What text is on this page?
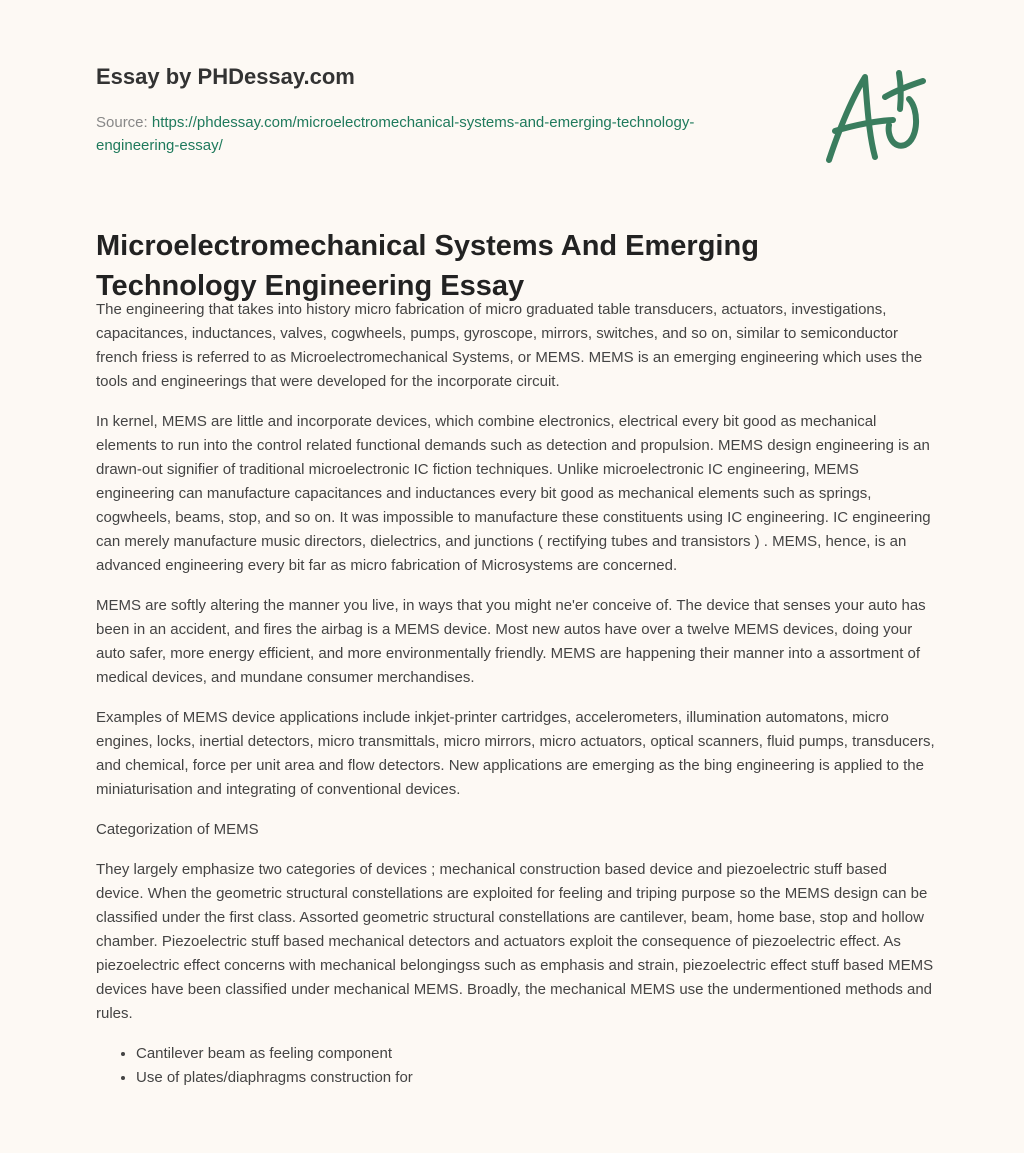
Essay by PHDessay.com
Source: https://phdessay.com/microelectromechanical-systems-and-emerging-technology-engineering-essay/
Microelectromechanical Systems And Emerging Technology Engineering Essay

The engineering that takes into history micro fabrication of micro graduated table transducers, actuators, investigations, capacitances, inductances, valves, cogwheels, pumps, gyroscope, mirrors, switches, and so on, similar to semiconductor french friess is referred to as Microelectromechanical Systems, or MEMS. MEMS is an emerging engineering which uses the tools and engineerings that were developed for the incorporate circuit.

In kernel, MEMS are little and incorporate devices, which combine electronics, electrical every bit good as mechanical elements to run into the control related functional demands such as detection and propulsion. MEMS design engineering is an drawn-out signifier of traditional microelectronic IC fiction techniques. Unlike microelectronic IC engineering, MEMS engineering can manufacture capacitances and inductances every bit good as mechanical elements such as springs, cogwheels, beams, stop, and so on. It was impossible to manufacture these constituents using IC engineering. IC engineering can merely manufacture music directors, dielectrics, and junctions ( rectifying tubes and transistors ) . MEMS, hence, is an advanced engineering every bit far as micro fabrication of Microsystems are concerned.

MEMS are softly altering the manner you live, in ways that you might ne'er conceive of. The device that senses your auto has been in an accident, and fires the airbag is a MEMS device. Most new autos have over a twelve MEMS devices, doing your auto safer, more energy efficient, and more environmentally friendly. MEMS are happening their manner into a assortment of medical devices, and mundane consumer merchandises.

Examples of MEMS device applications include inkjet-printer cartridges, accelerometers, illumination automatons, micro engines, locks, inertial detectors, micro transmittals, micro mirrors, micro actuators, optical scanners, fluid pumps, transducers, and chemical, force per unit area and flow detectors. New applications are emerging as the bing engineering is applied to the miniaturisation and integrating of conventional devices.

Categorization of MEMS

They largely emphasize two categories of devices ; mechanical construction based device and piezoelectric stuff based device. When the geometric structural constellations are exploited for feeling and triping purpose so the MEMS design can be classified under the first class. Assorted geometric structural constellations are cantilever, beam, home base, stop and hollow chamber. Piezoelectric stuff based mechanical detectors and actuators exploit the consequence of piezoelectric effect. As piezoelectric effect concerns with mechanical belongingss such as emphasis and strain, piezoelectric effect stuff based MEMS devices have been classified under mechanical MEMS. Broadly, the mechanical MEMS use the undermentioned methods and rules.

• Cantilever beam as feeling component
• Use of plates/diaphragms construction for
